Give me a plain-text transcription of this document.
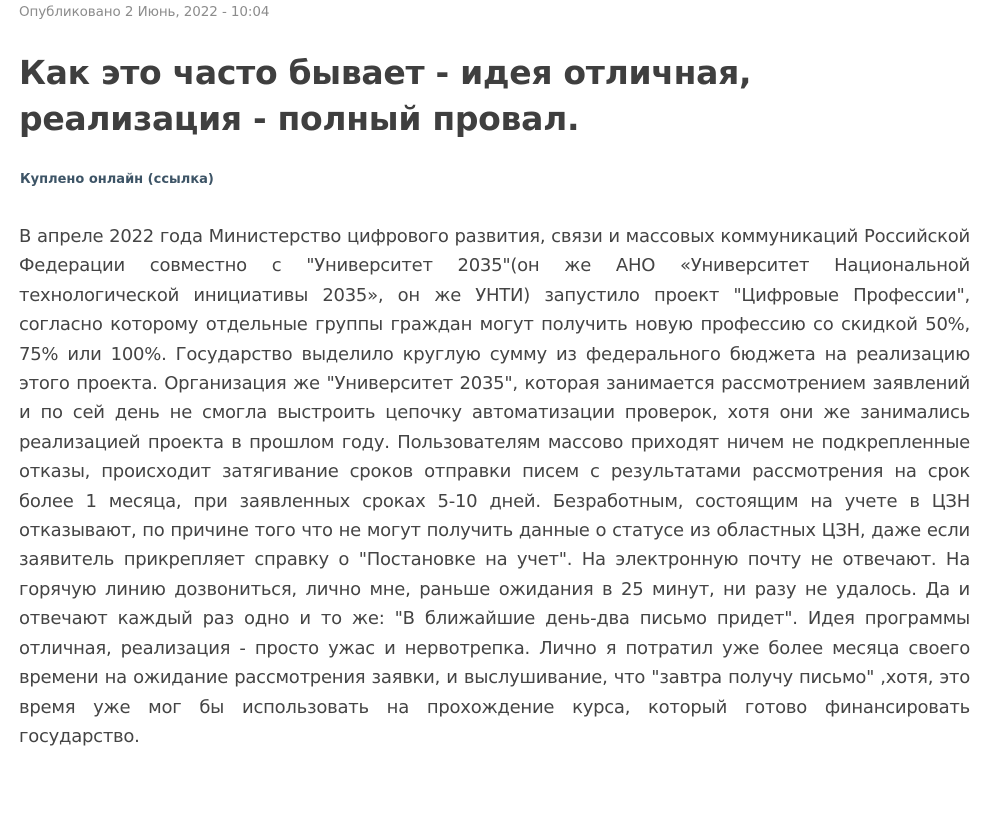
Опубликовано 2 Июнь, 2022 - 10:04
Как это часто бывает - идея отличная, реализация - полный провал.
Куплено онлайн (ссылка)

В апреле 2022 года Министерство цифрового развития, связи и массовых коммуникаций Российской Федерации совместно с "Университет 2035"(он же АНО «Университет Национальной технологической инициативы 2035», он же УНТИ) запустило проект "Цифровые Профессии", согласно которому отдельные группы граждан могут получить новую профессию со скидкой 50%, 75% или 100%. Государство выделило круглую сумму из федерального бюджета на реализацию этого проекта. Организация же "Университет 2035", которая занимается рассмотрением заявлений и по сей день не смогла выстроить цепочку автоматизации проверок, хотя они же занимались реализацией проекта в прошлом году. Пользователям массово приходят ничем не подкрепленные отказы, происходит затягивание сроков отправки писем с результатами рассмотрения на срок более 1 месяца, при заявленных сроках 5-10 дней. Безработным, состоящим на учете в ЦЗН отказывают, по причине того что не могут получить данные о статусе из областных ЦЗН, даже если заявитель прикрепляет справку о "Постановке на учет". На электронную почту не отвечают. На горячую линию дозвониться, лично мне, раньше ожидания в 25 минут, ни разу не удалось. Да и отвечают каждый раз одно и то же: "В ближайшие день-два письмо придет". Идея программы отличная, реализация - просто ужас и нервотрепка. Лично я потратил уже более месяца своего времени на ожидание рассмотрения заявки, и выслушивание, что "завтра получу письмо" ,хотя, это время уже мог бы использовать на прохождение курса, который готово финансировать государство.
